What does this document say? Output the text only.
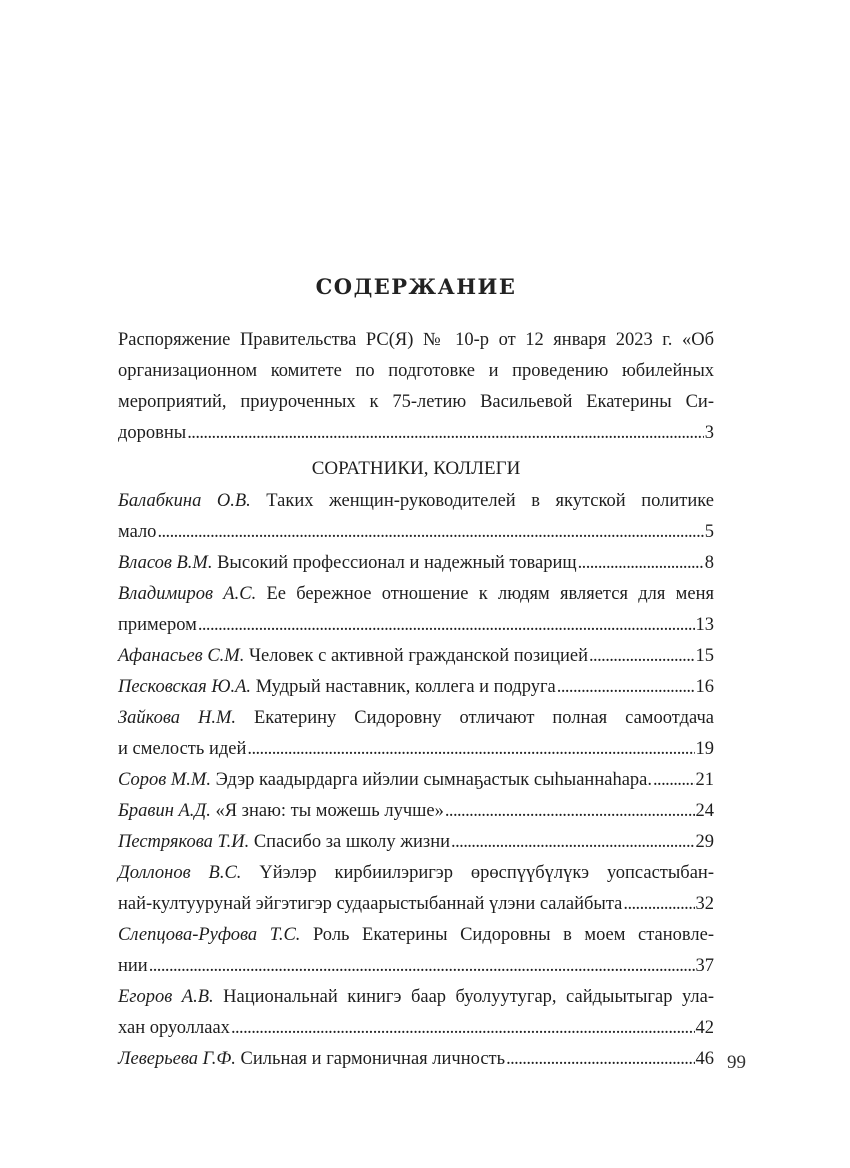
СОДЕРЖАНИЕ
Распоряжение Правительства РС(Я) № 10-р от 12 января 2023 г. «Об
организационном комитете по подготовке и проведению юбилейных
мероприятий, приуроченных к 75-летию Васильевой Екатерины Си-
доровны . . .	3
СОРАТНИКИ, КОЛЛЕГИ
Балабкина О.В. Таких женщин-руководителей в якутской политике
мало . . .	5
Власов В.М. Высокий профессионал и надежный товарищ . . .	8
Владимиров А.С. Ее бережное отношение к людям является для меня
примером . . .	13
Афанасьев С.М. Человек с активной гражданской позицией . . .	15
Песковская Ю.А. Мудрый наставник, коллега и подруга . . .	16
Зайкова Н.М. Екатерину Сидоровну отличают полная самоотдача
и смелость идей . . .	19
Соров М.М. Эдэр каадырдарга ийэлии сымнаҕастык сыһыаннаһара. . . . 21
Бравин А.Д. «Я знаю: ты можешь лучше» . . .	24
Пестрякова Т.И. Спасибо за школу жизни . . .	29
Доллонов В.С. Үйэлэр кирбиилэригэр өрөспүүбүлүкэ уопсастыбан-
най-култуурунай эйгэтигэр судаарыстыбаннай үлэни салайбыта . . .	32
Слепцова-Руфова Т.С. Роль Екатерины Сидоровны в моем становле-
нии . . .	37
Егоров А.В. Национальнай кинигэ баар буолуутугар, сайдыытыгар ула-
хан оруоллаах . . .	42
Леверьева Г.Ф. Сильная и гармоничная личность . . .	46 99
